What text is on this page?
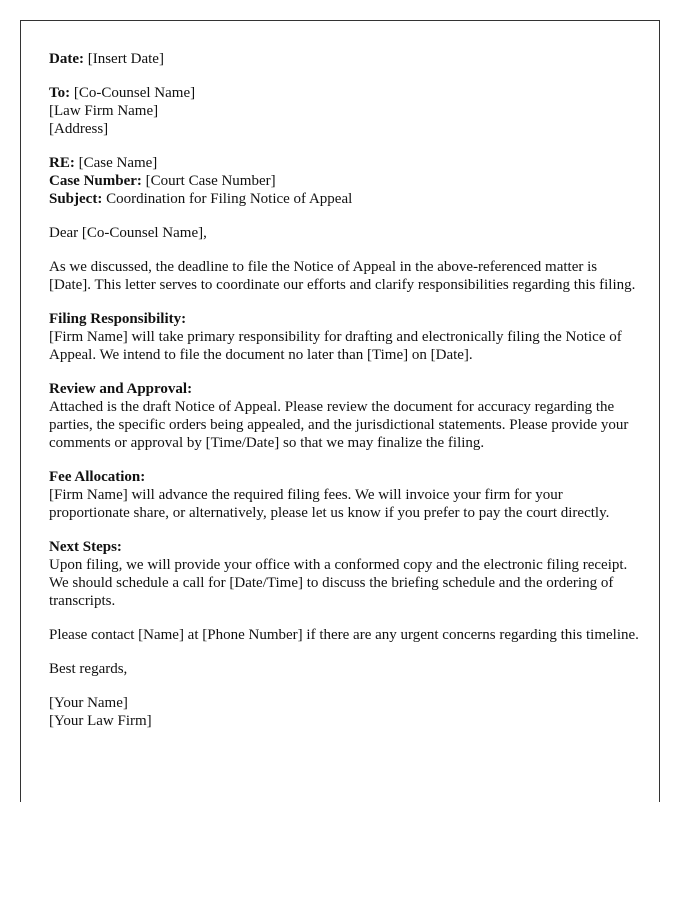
Date: [Insert Date]
To: [Co-Counsel Name]
[Law Firm Name]
[Address]
RE: [Case Name]
Case Number: [Court Case Number]
Subject: Coordination for Filing Notice of Appeal
Dear [Co-Counsel Name],
As we discussed, the deadline to file the Notice of Appeal in the above-referenced matter is [Date]. This letter serves to coordinate our efforts and clarify responsibilities regarding this filing.
Filing Responsibility:
[Firm Name] will take primary responsibility for drafting and electronically filing the Notice of Appeal. We intend to file the document no later than [Time] on [Date].
Review and Approval:
Attached is the draft Notice of Appeal. Please review the document for accuracy regarding the parties, the specific orders being appealed, and the jurisdictional statements. Please provide your comments or approval by [Time/Date] so that we may finalize the filing.
Fee Allocation:
[Firm Name] will advance the required filing fees. We will invoice your firm for your proportionate share, or alternatively, please let us know if you prefer to pay the court directly.
Next Steps:
Upon filing, we will provide your office with a conformed copy and the electronic filing receipt. We should schedule a call for [Date/Time] to discuss the briefing schedule and the ordering of transcripts.
Please contact [Name] at [Phone Number] if there are any urgent concerns regarding this timeline.
Best regards,
[Your Name]
[Your Law Firm]
